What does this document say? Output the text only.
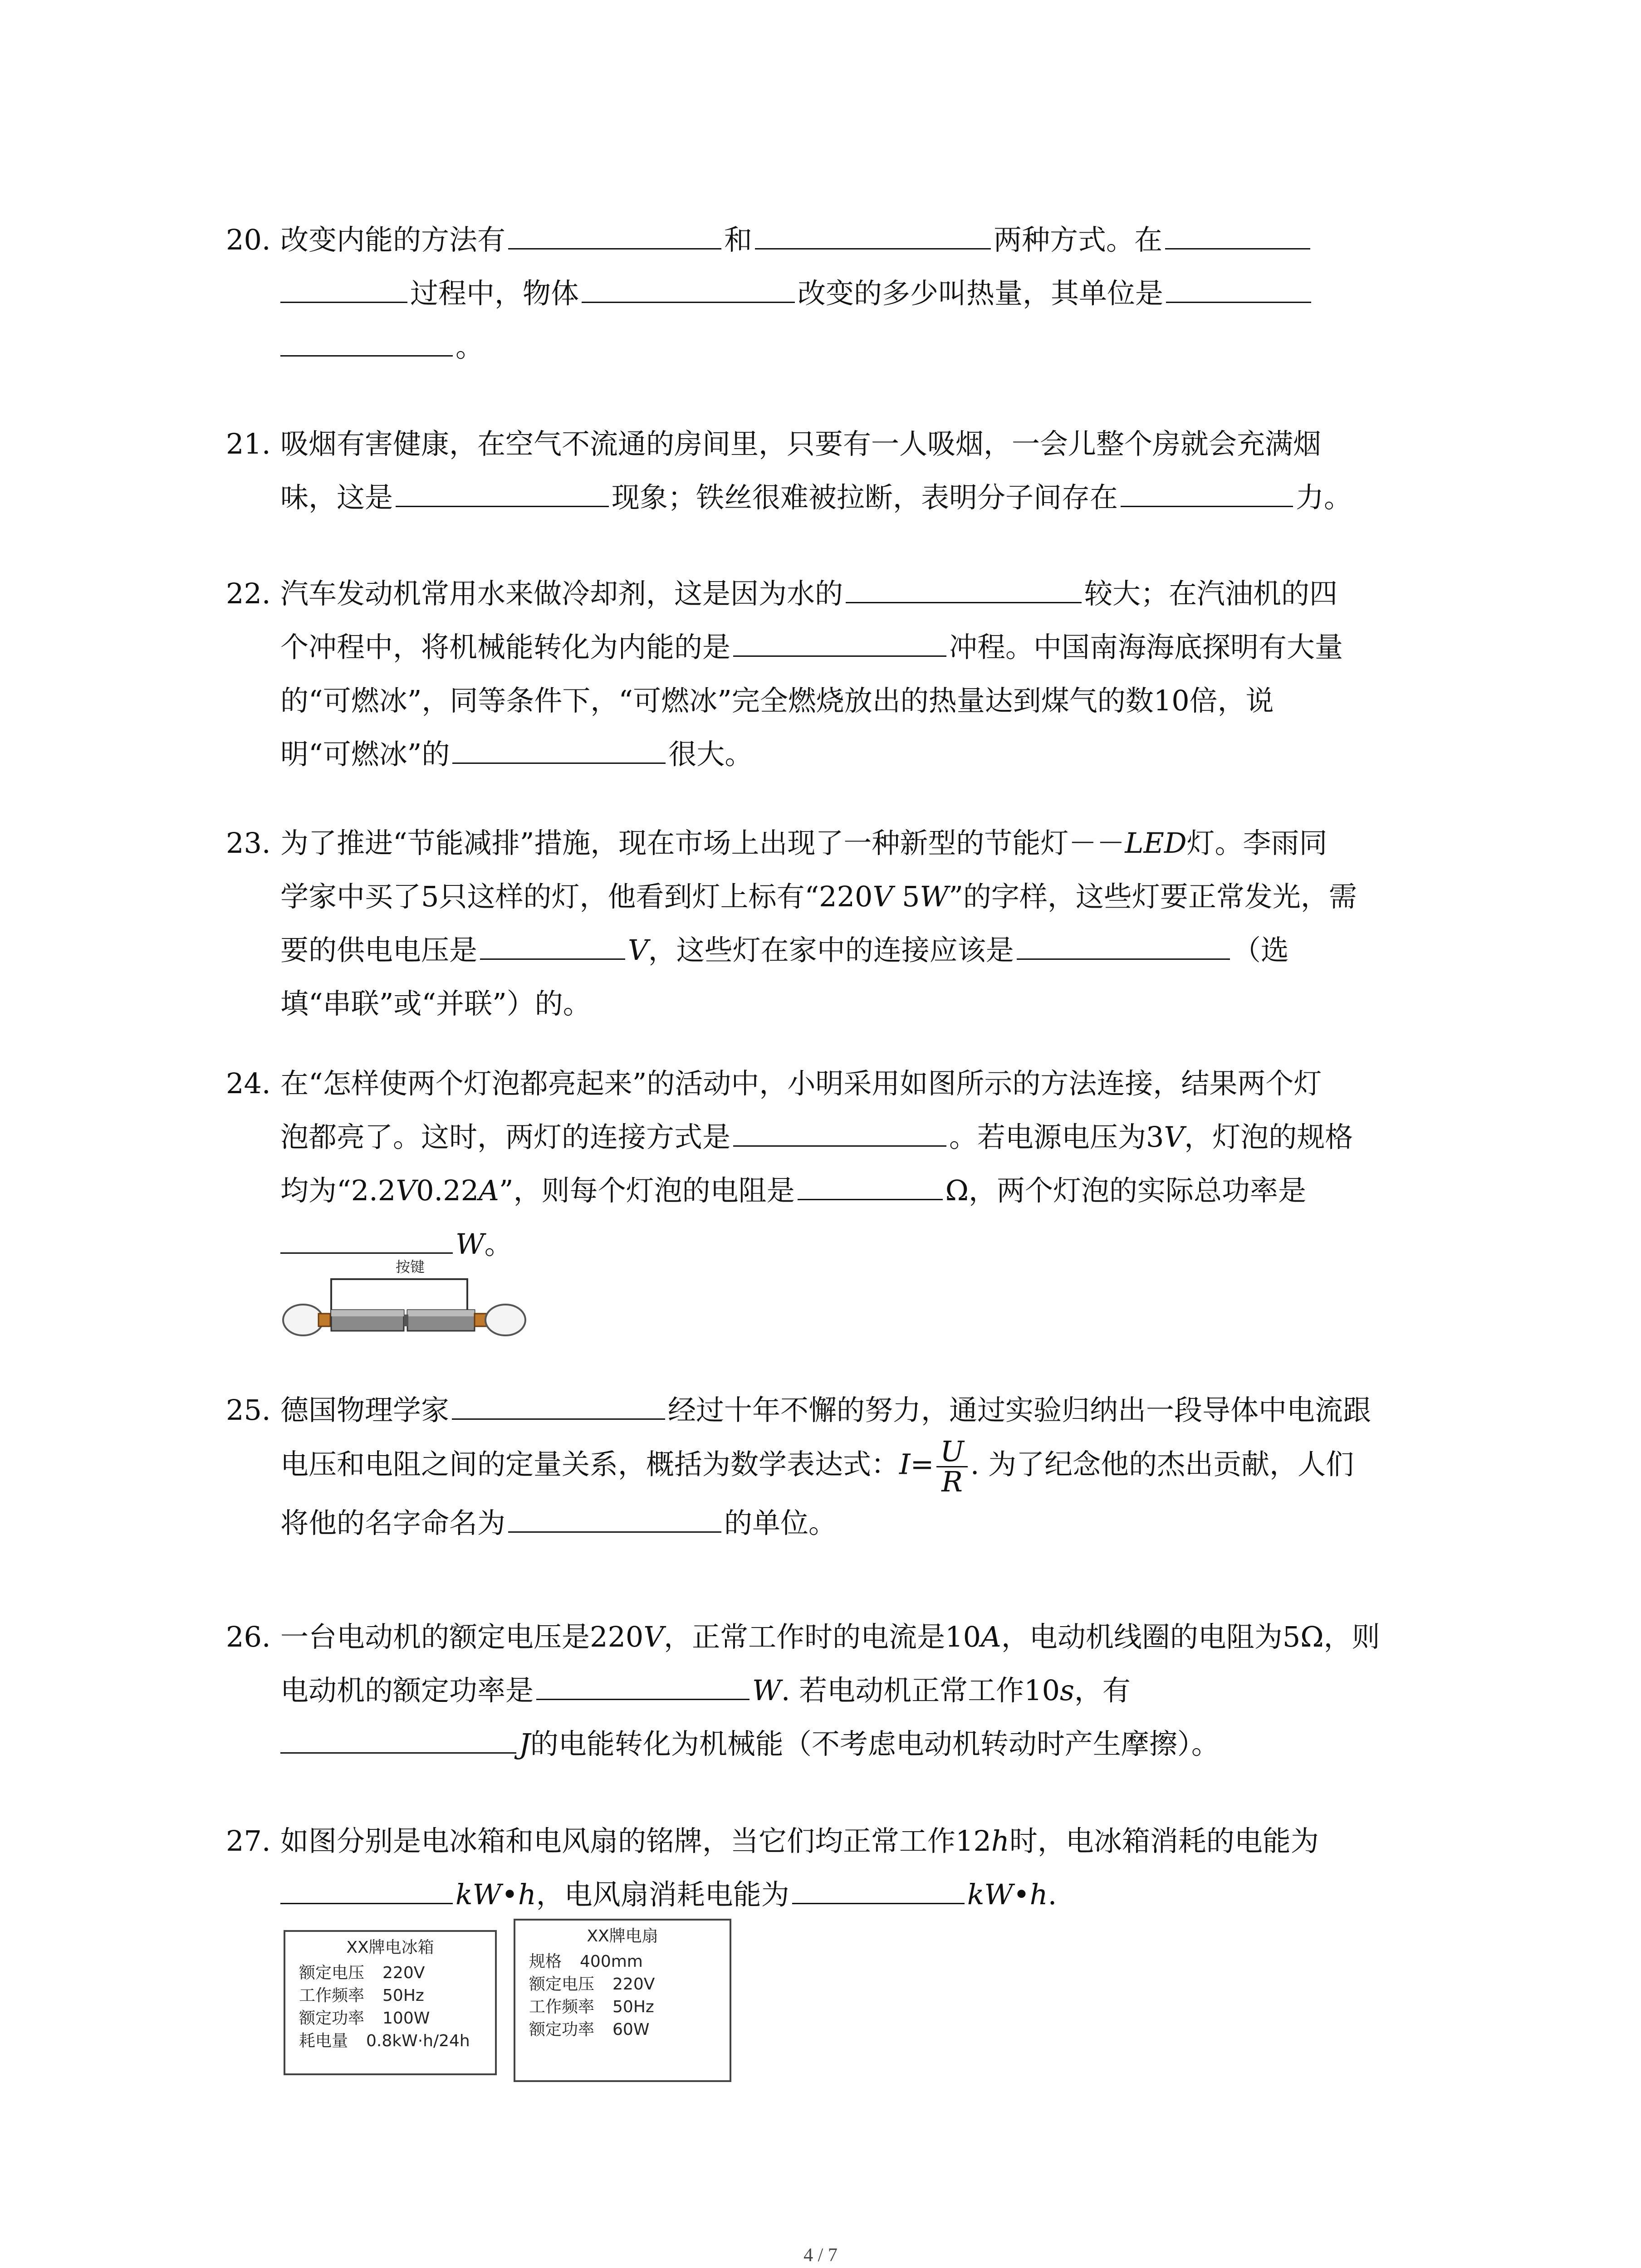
20. 改变内能的方法有	和	两种方式。在
过程中，物体	改变的多少叫热量，其单位是
。
21. 吸烟有害健康，在空气不流通的房间里，只要有一人吸烟，一会儿整个房就会充满烟
味，这是	现象；铁丝很难被拉断，表明分子间存在	力。
22. 汽车发动机常用水来做冷却剂，这是因为水的	较大；在汽油机的四
个冲程中，将机械能转化为内能的是	冲程。中国南海海底探明有大量
的“可燃冰”，同等条件下，“可燃冰”完全燃烧放出的热量达到煤气的数10倍，说
明“可燃冰”的	很大。
23. 为了推进“节能减排”措施，现在市场上出现了一种新型的节能灯－－LED灯。李雨同
学家中买了5只这样的灯，他看到灯上标有“220V 5W”的字样，这些灯要正常发光，需
要的供电电压是	V，这些灯在家中的连接应该是	（选
填“串联”或“并联”）的。
24. 在“怎样使两个灯泡都亮起来”的活动中，小明采用如图所示的方法连接，结果两个灯
泡都亮了。这时，两灯的连接方式是	。若电源电压为3V，灯泡的规格
均为“2.2V0.22A”，则每个灯泡的电阻是	Ω，两个灯泡的实际总功率是
W。
按键
25. 德国物理学家	经过十年不懈的努力，通过实验归纳出一段导体中电流跟
电压和电阻之间的定量关系，概括为数学表达式：$I= \frac{U}{R}$ . 为了纪念他的杰出贡献，人们
将他的名字命名为	的单位。
26. 一台电动机的额定电压是220V，正常工作时的电流是10A，电动机线圈的电阻为5Ω，则
电动机的额定功率是	W. 若电动机正常工作10s，有
J的电能转化为机械能（不考虑电动机转动时产生摩擦）。
27. 如图分别是电冰箱和电风扇的铭牌，当它们均正常工作12h时，电冰箱消耗的电能为
kW•h，电风扇消耗电能为	kW•h.
XX牌电冰箱
额定电压 220V
工作频率 50Hz
额定功率 100W
耗电量 0.8kW·h/24h
XX牌电扇
规格 400mm
额定电压 220V
工作频率 50Hz
额定功率 60W
4 / 7
